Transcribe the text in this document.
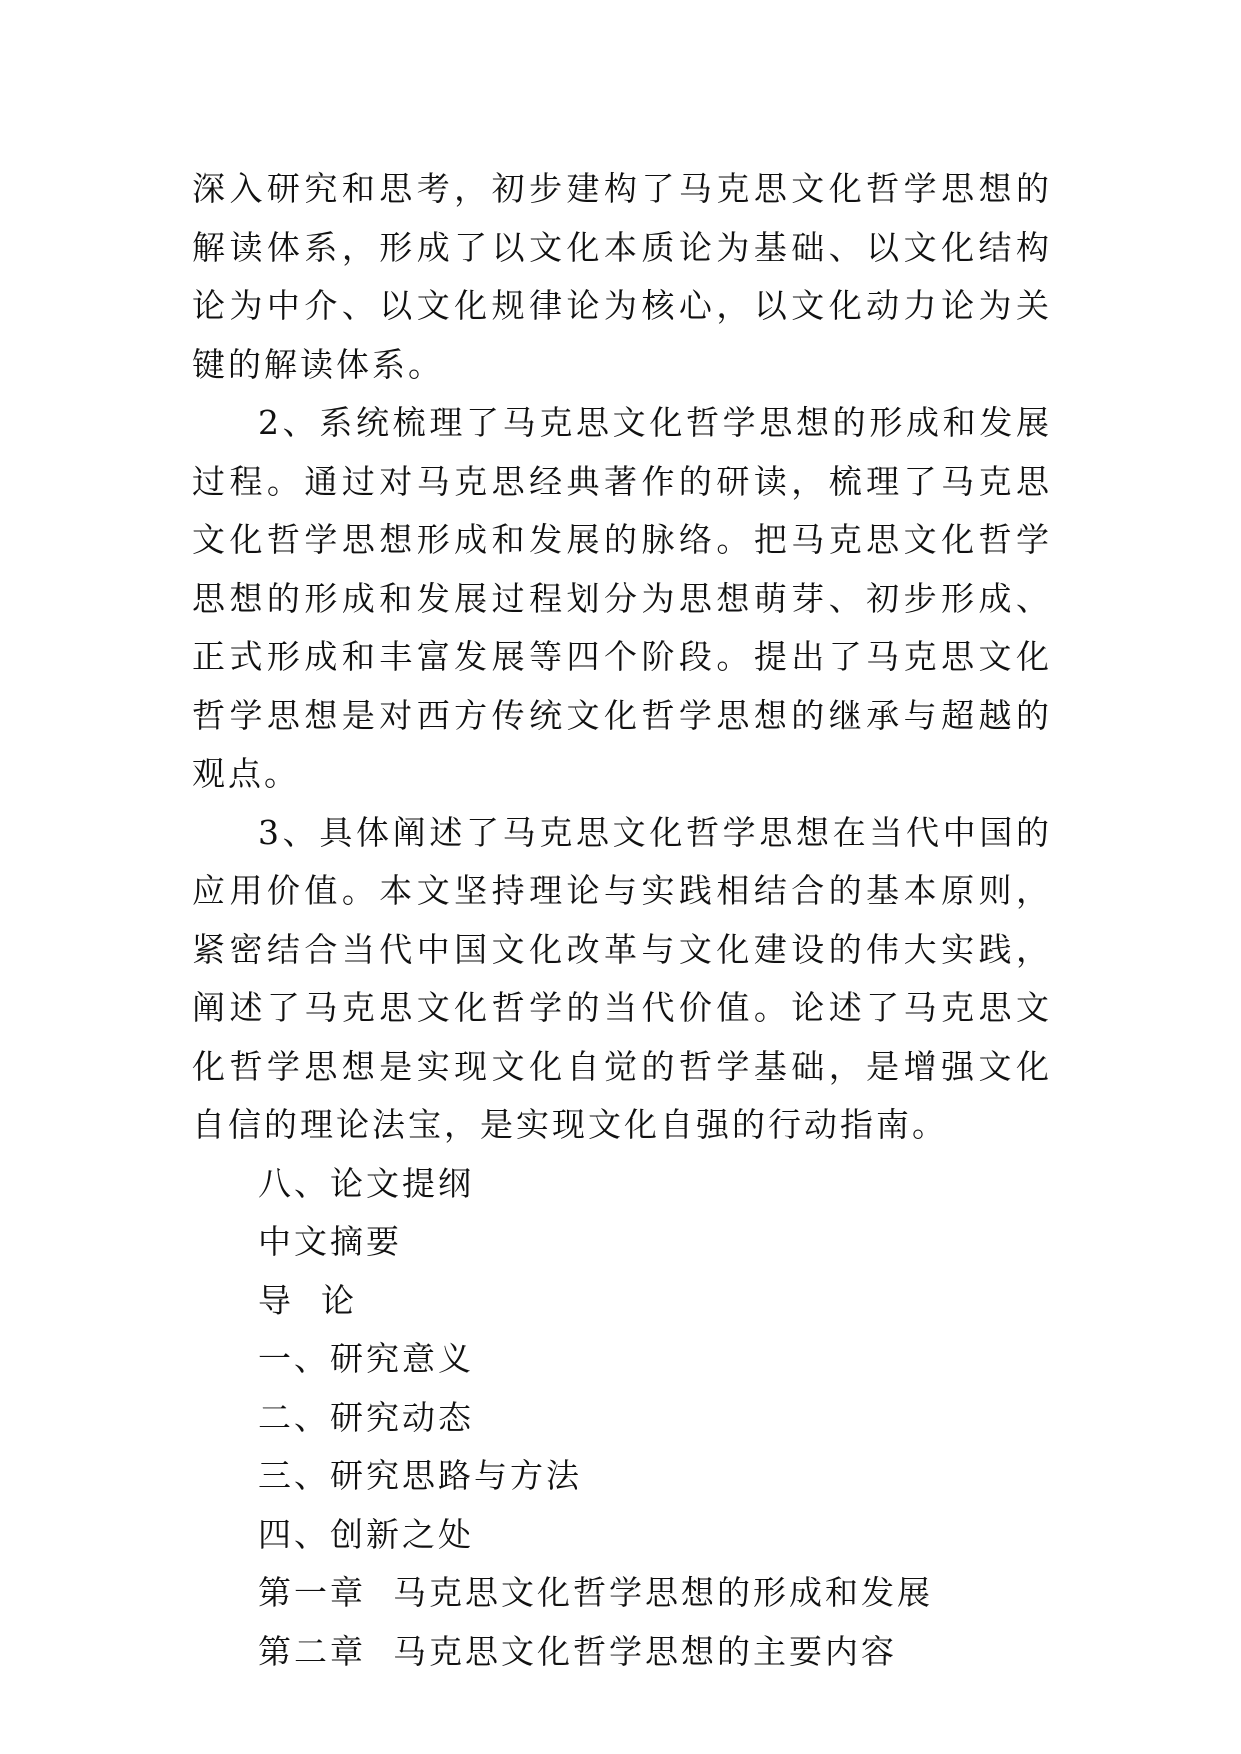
深入研究和思考，初步建构了马克思文化哲学思想的解读体系，形成了以文化本质论为基础、以文化结构论为中介、以文化规律论为核心，以文化动力论为关键的解读体系。

2、系统梳理了马克思文化哲学思想的形成和发展过程。通过对马克思经典著作的研读，梳理了马克思文化哲学思想形成和发展的脉络。把马克思文化哲学思想的形成和发展过程划分为思想萌芽、初步形成、正式形成和丰富发展等四个阶段。提出了马克思文化哲学思想是对西方传统文化哲学思想的继承与超越的观点。

3、具体阐述了马克思文化哲学思想在当代中国的应用价值。本文坚持理论与实践相结合的基本原则，紧密结合当代中国文化改革与文化建设的伟大实践，阐述了马克思文化哲学的当代价值。论述了马克思文化哲学思想是实现文化自觉的哲学基础，是增强文化自信的理论法宝，是实现文化自强的行动指南。

八、论文提纲
中文摘要
导  论
一、研究意义
二、研究动态
三、研究思路与方法
四、创新之处
第一章  马克思文化哲学思想的形成和发展
第二章  马克思文化哲学思想的主要内容
